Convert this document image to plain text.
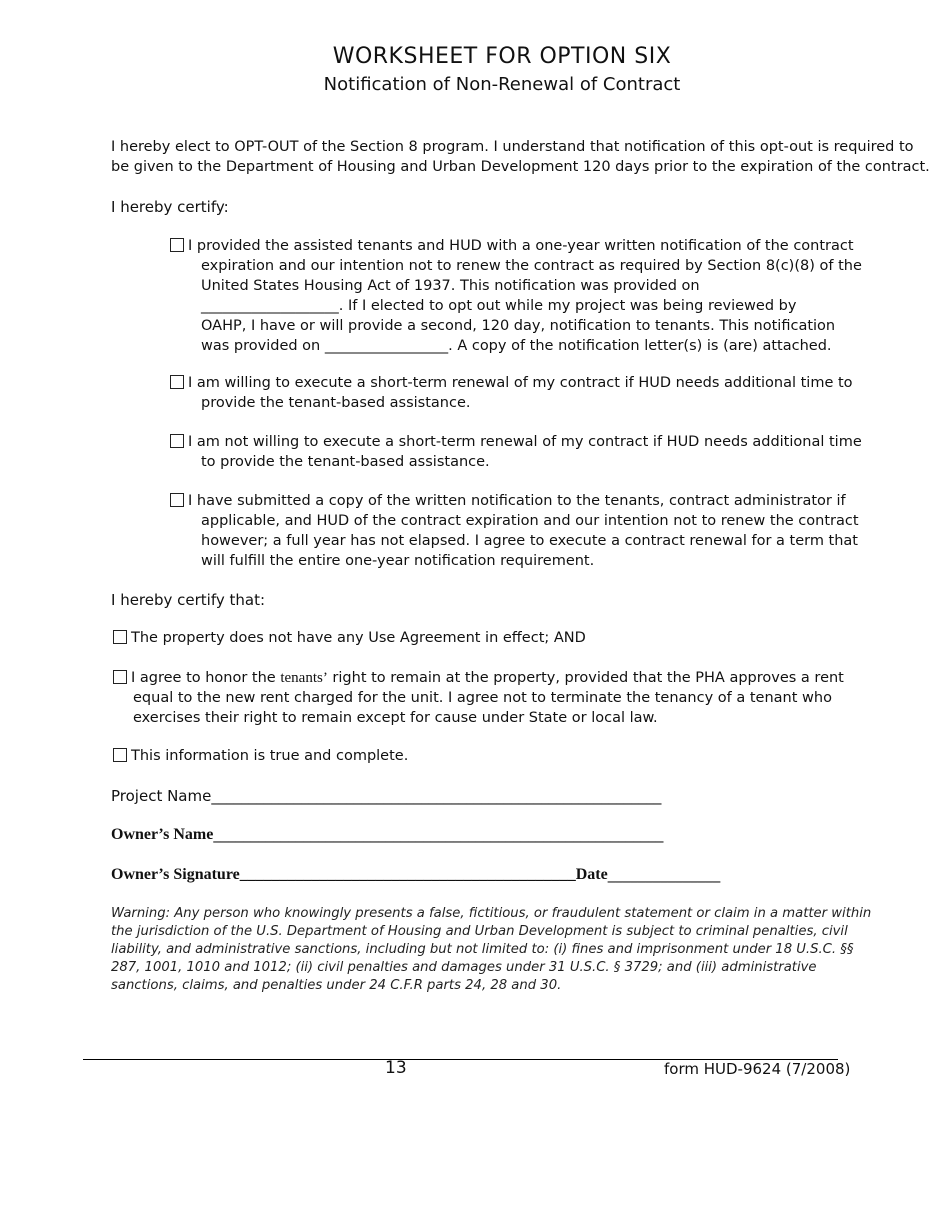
WORKSHEET FOR OPTION SIX
Notification of Non-Renewal of Contract
I hereby elect to OPT-OUT of the Section 8 program. I understand that notification of this opt-out is required to
be given to the Department of Housing and Urban Development 120 days prior to the expiration of the contract.
I hereby certify:
I provided the assisted tenants and HUD with a one-year written notification of the contract
expiration and our intention not to renew the contract as required by Section 8(c)(8) of the
United States Housing Act of 1937. This notification was provided on
___________________. If I elected to opt out while my project was being reviewed by
OAHP, I have or will provide a second, 120 day, notification to tenants. This notification
was provided on _________________. A copy of the notification letter(s) is (are) attached.
I am willing to execute a short-term renewal of my contract if HUD needs additional time to
provide the tenant-based assistance.
I am not willing to execute a short-term renewal of my contract if HUD needs additional time
to provide the tenant-based assistance.
I have submitted a copy of the written notification to the tenants, contract administrator if
applicable, and HUD of the contract expiration and our intention not to renew the contract
however; a full year has not elapsed. I agree to execute a contract renewal for a term that
will fulfill the entire one-year notification requirement.
I hereby certify that:
The property does not have any Use Agreement in effect; AND
I agree to honor the tenants’ right to remain at the property, provided that the PHA approves a rent
equal to the new rent charged for the unit. I agree not to terminate the tenancy of a tenant who
exercises their right to remain except for cause under State or local law.
This information is true and complete.
Project Name____________________________________________________________
Owner’s Name____________________________________________________________
Owner’s Signature__________________________________________Date_______________
Warning: Any person who knowingly presents a false, fictitious, or fraudulent statement or claim in a matter within
the jurisdiction of the U.S. Department of Housing and Urban Development is subject to criminal penalties, civil
liability, and administrative sanctions, including but not limited to: (i) fines and imprisonment under 18 U.S.C. §§
287, 1001, 1010 and 1012; (ii) civil penalties and damages under 31 U.S.C. § 3729; and (iii) administrative
sanctions, claims, and penalties under 24 C.F.R parts 24, 28 and 30.
13	form HUD-9624 (7/2008)
